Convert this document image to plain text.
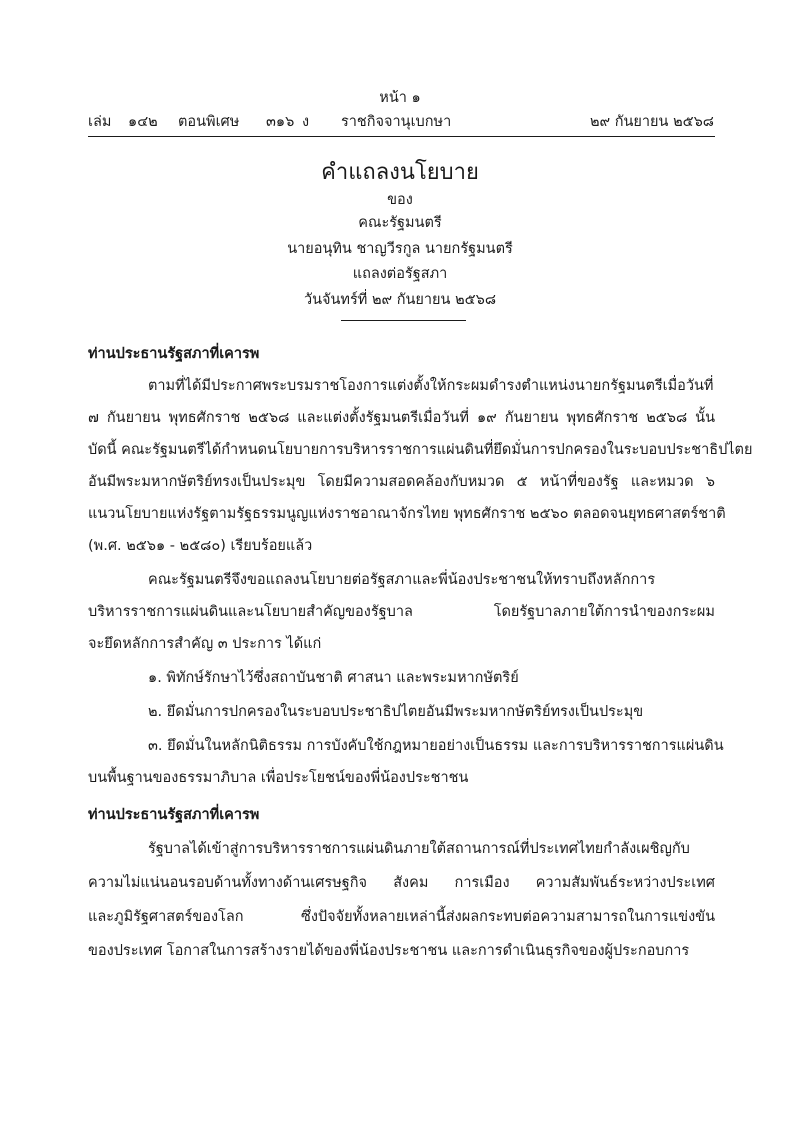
หน้า ๑
เล่ม ๑๔๒ ตอนพิเศษ ๓๑๖ ง ราชกิจจานุเบกษา	๒๙ กันยายน ๒๕๖๘
คำแถลงนโยบาย
ของ
คณะรัฐมนตรี
นายอนุทิน ชาญวีรกูล นายกรัฐมนตรี
แถลงต่อรัฐสภา
วันจันทร์ที่ ๒๙ กันยายน ๒๕๖๘
ท่านประธานรัฐสภาที่เคารพ
ตามที่ได้มีประกาศพระบรมราชโองการแต่งตั้งให้กระผมดำรงตำแหน่งนายกรัฐมนตรีเมื่อวันที่
๗ กันยายน พุทธศักราช ๒๕๖๘ และแต่งตั้งรัฐมนตรีเมื่อวันที่ ๑๙ กันยายน พุทธศักราช ๒๕๖๘ นั้น
บัดนี้ คณะรัฐมนตรีได้กำหนดนโยบายการบริหารราชการแผ่นดินที่ยึดมั่นการปกครองในระบอบประชาธิปไตย
อันมีพระมหากษัตริย์ทรงเป็นประมุข โดยมีความสอดคล้องกับหมวด ๕ หน้าที่ของรัฐ และหมวด ๖
แนวนโยบายแห่งรัฐตามรัฐธรรมนูญแห่งราชอาณาจักรไทย พุทธศักราช ๒๕๖๐ ตลอดจนยุทธศาสตร์ชาติ
(พ.ศ. ๒๕๖๑ - ๒๕๘๐) เรียบร้อยแล้ว
คณะรัฐมนตรีจึงขอแถลงนโยบายต่อรัฐสภาและพี่น้องประชาชนให้ทราบถึงหลักการ
บริหารราชการแผ่นดินและนโยบายสำคัญของรัฐบาล โดยรัฐบาลภายใต้การนำของกระผม
จะยึดหลักการสำคัญ ๓ ประการ ได้แก่
๑. พิทักษ์รักษาไว้ซึ่งสถาบันชาติ ศาสนา และพระมหากษัตริย์
๒. ยึดมั่นการปกครองในระบอบประชาธิปไตยอันมีพระมหากษัตริย์ทรงเป็นประมุข
๓. ยึดมั่นในหลักนิติธรรม การบังคับใช้กฎหมายอย่างเป็นธรรม และการบริหารราชการแผ่นดิน
บนพื้นฐานของธรรมาภิบาล เพื่อประโยชน์ของพี่น้องประชาชน
ท่านประธานรัฐสภาที่เคารพ
รัฐบาลได้เข้าสู่การบริหารราชการแผ่นดินภายใต้สถานการณ์ที่ประเทศไทยกำลังเผชิญกับ
ความไม่แน่นอนรอบด้านทั้งทางด้านเศรษฐกิจ สังคม การเมือง ความสัมพันธ์ระหว่างประเทศ
และภูมิรัฐศาสตร์ของโลก ซึ่งปัจจัยทั้งหลายเหล่านี้ส่งผลกระทบต่อความสามารถในการแข่งขัน
ของประเทศ โอกาสในการสร้างรายได้ของพี่น้องประชาชน และการดำเนินธุรกิจของผู้ประกอบการ
